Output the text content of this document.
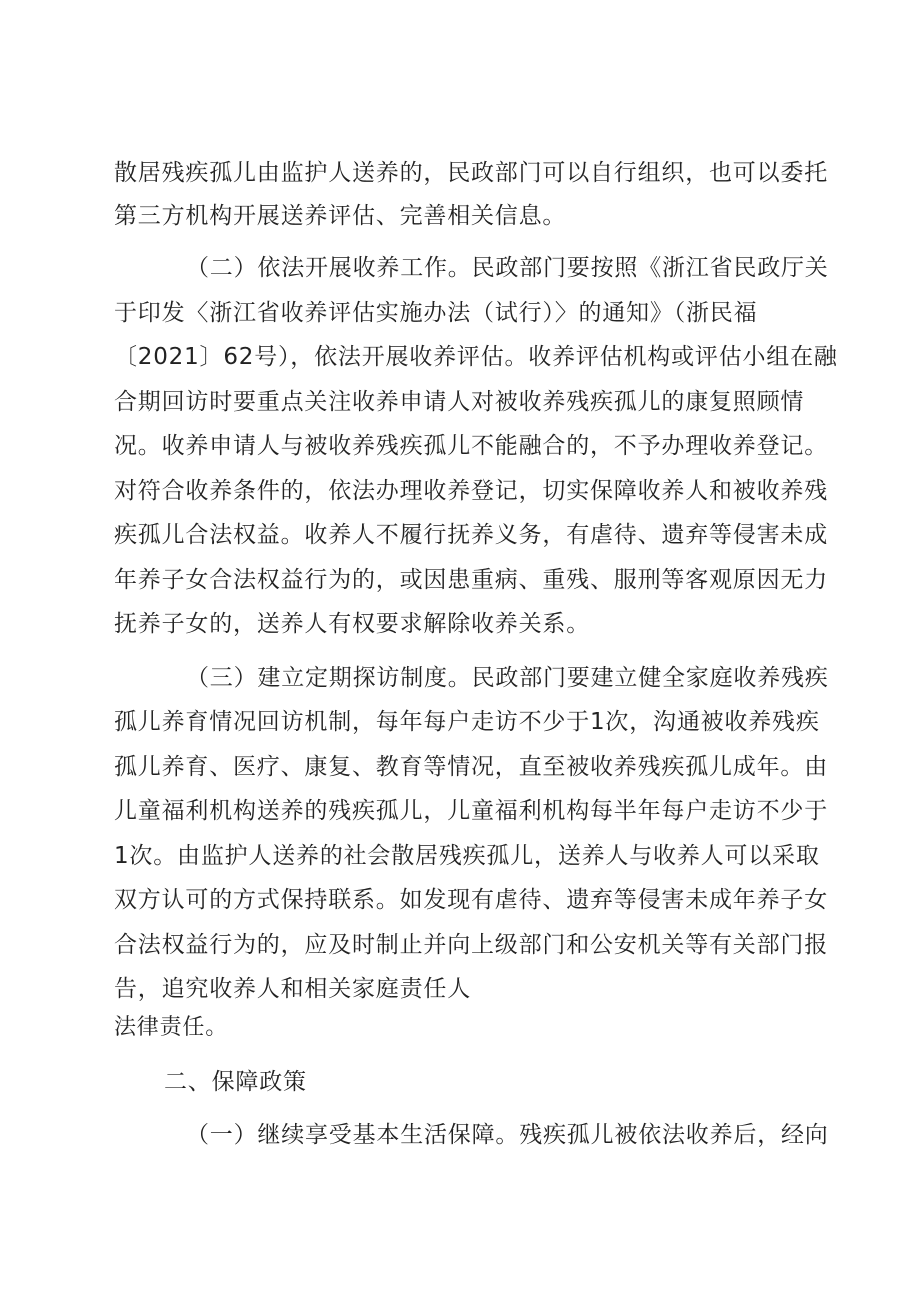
散居残疾孤儿由监护人送养的，民政部门可以自行组织，也可以委托
第三方机构开展送养评估、完善相关信息。
（二）依法开展收养工作。民政部门要按照《浙江省民政厅关
于印发〈浙江省收养评估实施办法（试行）〉的通知》（浙民福
〔2021〕62号），依法开展收养评估。收养评估机构或评估小组在融
合期回访时要重点关注收养申请人对被收养残疾孤儿的康复照顾情
况。收养申请人与被收养残疾孤儿不能融合的，不予办理收养登记。
对符合收养条件的，依法办理收养登记，切实保障收养人和被收养残
疾孤儿合法权益。收养人不履行抚养义务，有虐待、遗弃等侵害未成
年养子女合法权益行为的，或因患重病、重残、服刑等客观原因无力
抚养子女的，送养人有权要求解除收养关系。
（三）建立定期探访制度。民政部门要建立健全家庭收养残疾
孤儿养育情况回访机制，每年每户走访不少于1次，沟通被收养残疾
孤儿养育、医疗、康复、教育等情况，直至被收养残疾孤儿成年。由
儿童福利机构送养的残疾孤儿，儿童福利机构每半年每户走访不少于
1次。由监护人送养的社会散居残疾孤儿，送养人与收养人可以采取
双方认可的方式保持联系。如发现有虐待、遗弃等侵害未成年养子女
合法权益行为的，应及时制止并向上级部门和公安机关等有关部门报
告，追究收养人和相关家庭责任人
法律责任。
二、保障政策
（一）继续享受基本生活保障。残疾孤儿被依法收养后，经向
